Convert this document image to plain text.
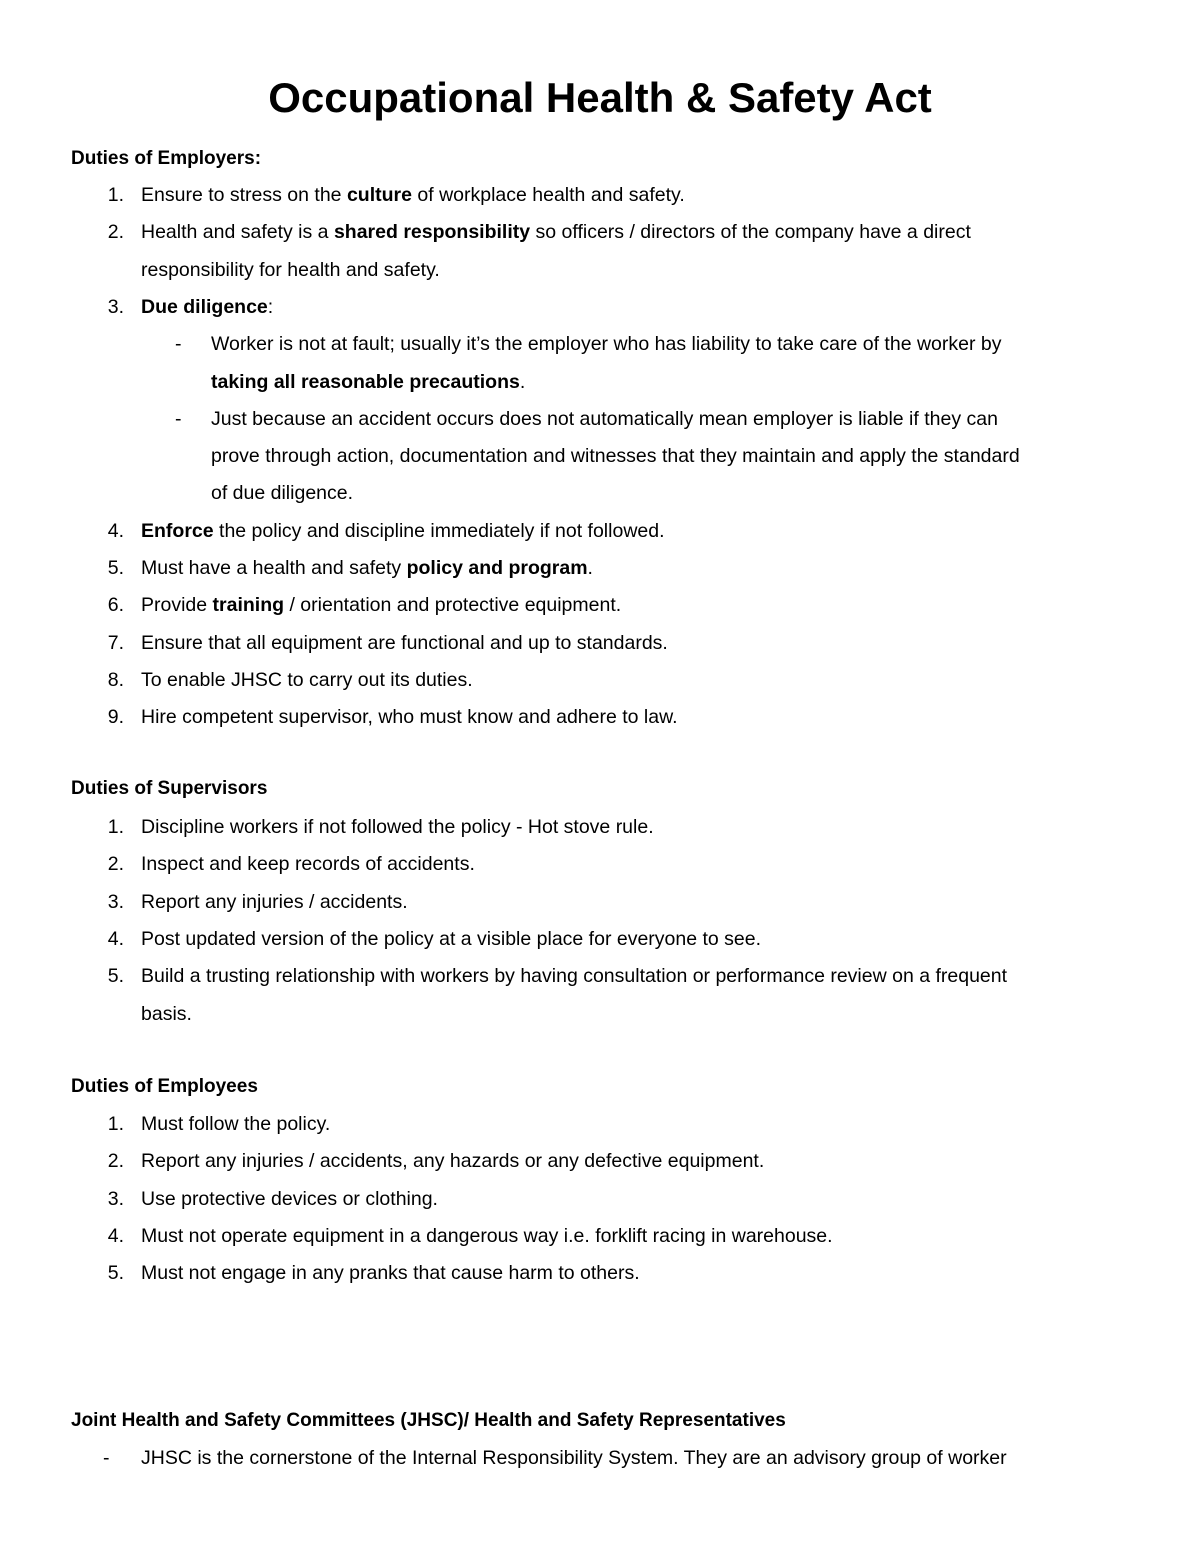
Occupational Health & Safety Act
Duties of Employers:
1. Ensure to stress on the culture of workplace health and safety.
2. Health and safety is a shared responsibility so officers / directors of the company have a direct
responsibility for health and safety.
3. Due diligence:
- Worker is not at fault; usually it’s the employer who has liability to take care of the worker by
taking all reasonable precautions.
- Just because an accident occurs does not automatically mean employer is liable if they can
prove through action, documentation and witnesses that they maintain and apply the standard
of due diligence.
4. Enforce the policy and discipline immediately if not followed.
5. Must have a health and safety policy and program.
6. Provide training / orientation and protective equipment.
7. Ensure that all equipment are functional and up to standards.
8. To enable JHSC to carry out its duties.
9. Hire competent supervisor, who must know and adhere to law.
Duties of Supervisors
1. Discipline workers if not followed the policy - Hot stove rule.
2. Inspect and keep records of accidents.
3. Report any injuries / accidents.
4. Post updated version of the policy at a visible place for everyone to see.
5. Build a trusting relationship with workers by having consultation or performance review on a frequent
basis.
Duties of Employees
1. Must follow the policy.
2. Report any injuries / accidents, any hazards or any defective equipment.
3. Use protective devices or clothing.
4. Must not operate equipment in a dangerous way i.e. forklift racing in warehouse.
5. Must not engage in any pranks that cause harm to others.
Joint Health and Safety Committees (JHSC)/ Health and Safety Representatives
- JHSC is the cornerstone of the Internal Responsibility System. They are an advisory group of worker
